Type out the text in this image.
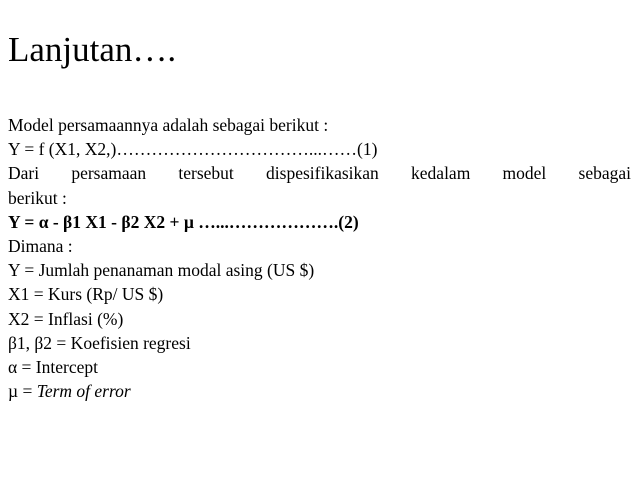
Lanjutan….
Model persamaannya adalah sebagai berikut :
Y = f (X1, X2,)……………………………...……(1)
Dari persamaan tersebut dispesifikasikan kedalam model sebagai
berikut :
Y = α - β1 X1 - β2 X2 + µ …...……………….(2)
Dimana :
Y = Jumlah penanaman modal asing (US $)
X1 = Kurs (Rp/ US $)
X2 = Inflasi (%)
β1, β2 = Koefisien regresi
α = Intercept
µ = Term of error
